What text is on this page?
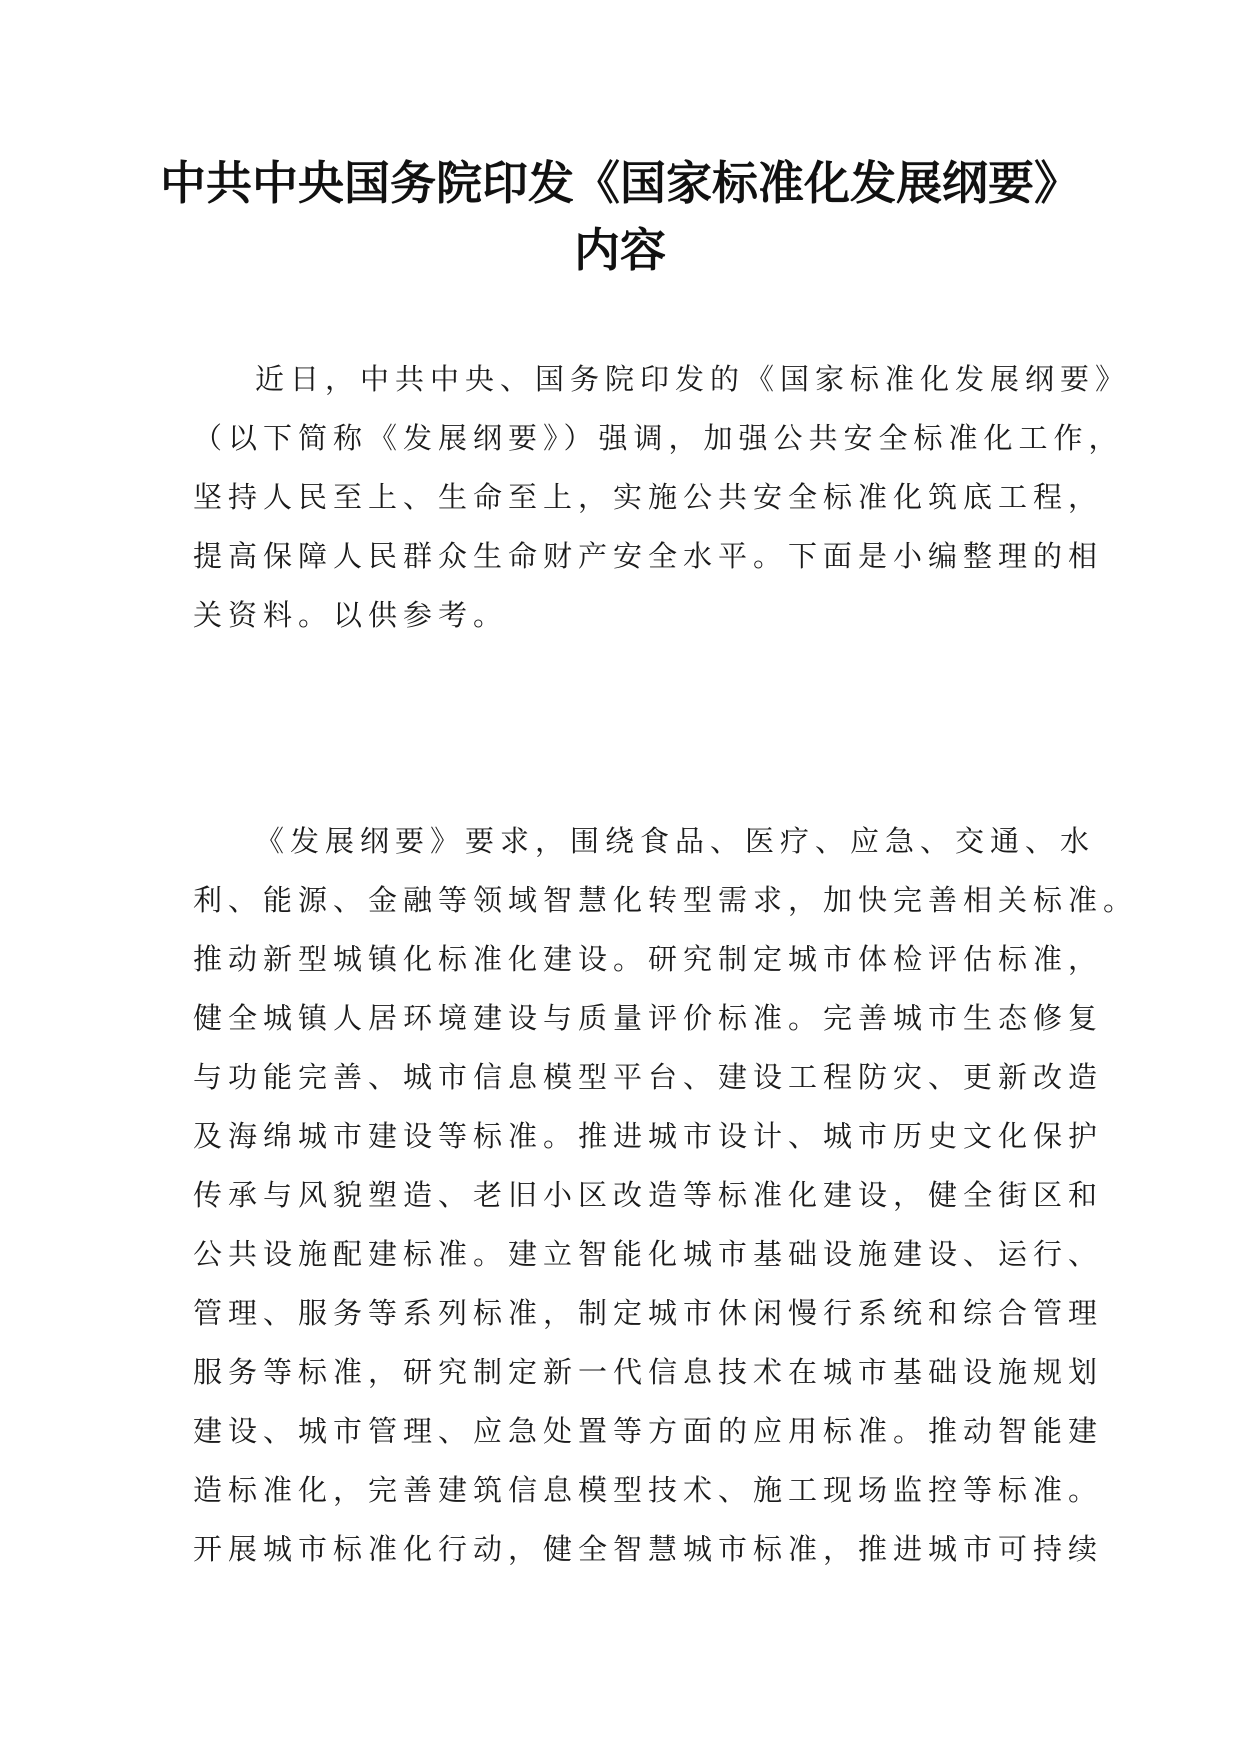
中共中央国务院印发《国家标准化发展纲要》
内容
近日，中共中央、国务院印发的《国家标准化发展纲要》
（以下简称《发展纲要》）强调，加强公共安全标准化工作，
坚持人民至上、生命至上，实施公共安全标准化筑底工程，
提高保障人民群众生命财产安全水平。下面是小编整理的相
关资料。以供参考。
《发展纲要》要求，围绕食品、医疗、应急、交通、水
利、能源、金融等领域智慧化转型需求，加快完善相关标准。
推动新型城镇化标准化建设。研究制定城市体检评估标准，
健全城镇人居环境建设与质量评价标准。完善城市生态修复
与功能完善、城市信息模型平台、建设工程防灾、更新改造
及海绵城市建设等标准。推进城市设计、城市历史文化保护
传承与风貌塑造、老旧小区改造等标准化建设，健全街区和
公共设施配建标准。建立智能化城市基础设施建设、运行、
管理、服务等系列标准，制定城市休闲慢行系统和综合管理
服务等标准，研究制定新一代信息技术在城市基础设施规划
建设、城市管理、应急处置等方面的应用标准。推动智能建
造标准化，完善建筑信息模型技术、施工现场监控等标准。
开展城市标准化行动，健全智慧城市标准，推进城市可持续
